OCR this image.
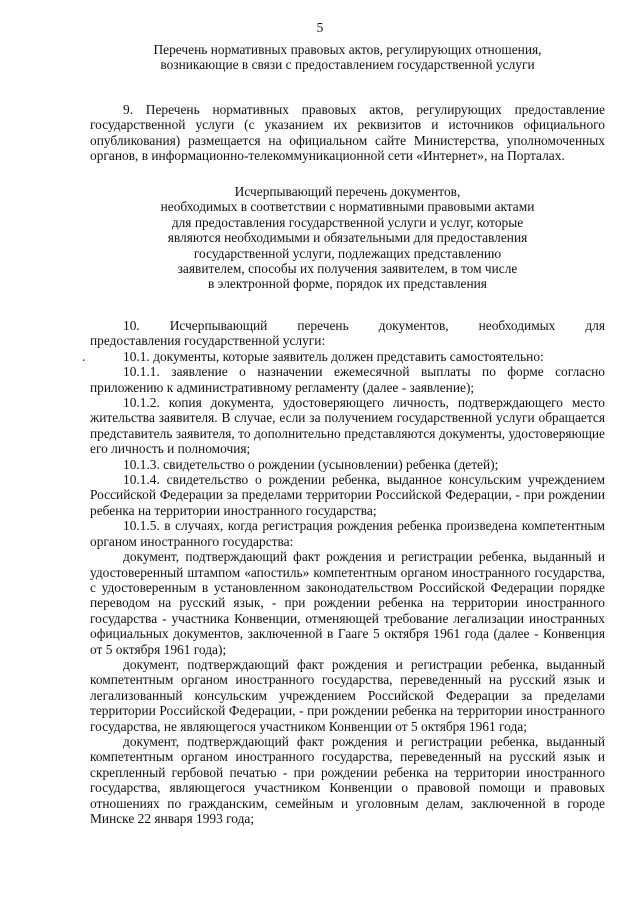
5

Перечень нормативных правовых актов, регулирующих отношения,

возникающие в связи с предоставлением государственной услуги

9. Перечень нормативных правовых актов, регулирующих предоставление государственной услуги (с указанием их реквизитов и источников официального опубликования) размещается на официальном сайте Министерства, уполномоченных органов, в информационно-телекоммуникационной сети «Интернет», на Порталах.

Исчерпывающий перечень документов,

необходимых в соответствии с нормативными правовыми актами

для предоставления государственной услуги и услуг, которые

являются необходимыми и обязательными для предоставления

государственной услуги, подлежащих представлению

заявителем, способы их получения заявителем, в том числе

в электронной форме, порядок их представления

.

10. Исчерпывающий перечень документов, необходимых для

предоставления государственной услуги:

10.1. документы, которые заявитель должен представить самостоятельно:

10.1.1. заявление о назначении ежемесячной выплаты по форме согласно приложению к административному регламенту (далее - заявление);

10.1.2. копия документа, удостоверяющего личность, подтверждающего место жительства заявителя. В случае, если за получением государственной услуги обращается представитель заявителя, то дополнительно представляются документы, удостоверяющие его личность и полномочия;

10.1.3. свидетельство о рождении (усыновлении) ребенка (детей);

10.1.4. свидетельство о рождении ребенка, выданное консульским учреждением Российской Федерации за пределами территории Российской Федерации, - при рождении ребенка на территории иностранного государства;

10.1.5. в случаях, когда регистрация рождения ребенка произведена компетентным органом иностранного государства:

документ, подтверждающий факт рождения и регистрации ребенка, выданный и удостоверенный штампом «апостиль» компетентным органом иностранного государства, с удостоверенным в установленном законодательством Российской Федерации порядке переводом на русский язык, - при рождении ребенка на территории иностранного государства - участника Конвенции, отменяющей требование легализации иностранных официальных документов, заключенной в Гааге 5 октября 1961 года (далее - Конвенция от 5 октября 1961 года);

документ, подтверждающий факт рождения и регистрации ребенка, выданный компетентным органом иностранного государства, переведенный на русский язык и легализованный консульским учреждением Российской Федерации за пределами территории Российской Федерации, - при рождении ребенка на территории иностранного государства, не являющегося участником Конвенции от 5 октября 1961 года;

документ, подтверждающий факт рождения и регистрации ребенка, выданный компетентным органом иностранного государства, переведенный на русский язык и скрепленный гербовой печатью - при рождении ребенка на территории иностранного государства, являющегося участником Конвенции о правовой помощи и правовых отношениях по гражданским, семейным и уголовным делам, заключенной в городе Минске 22 января 1993 года;
